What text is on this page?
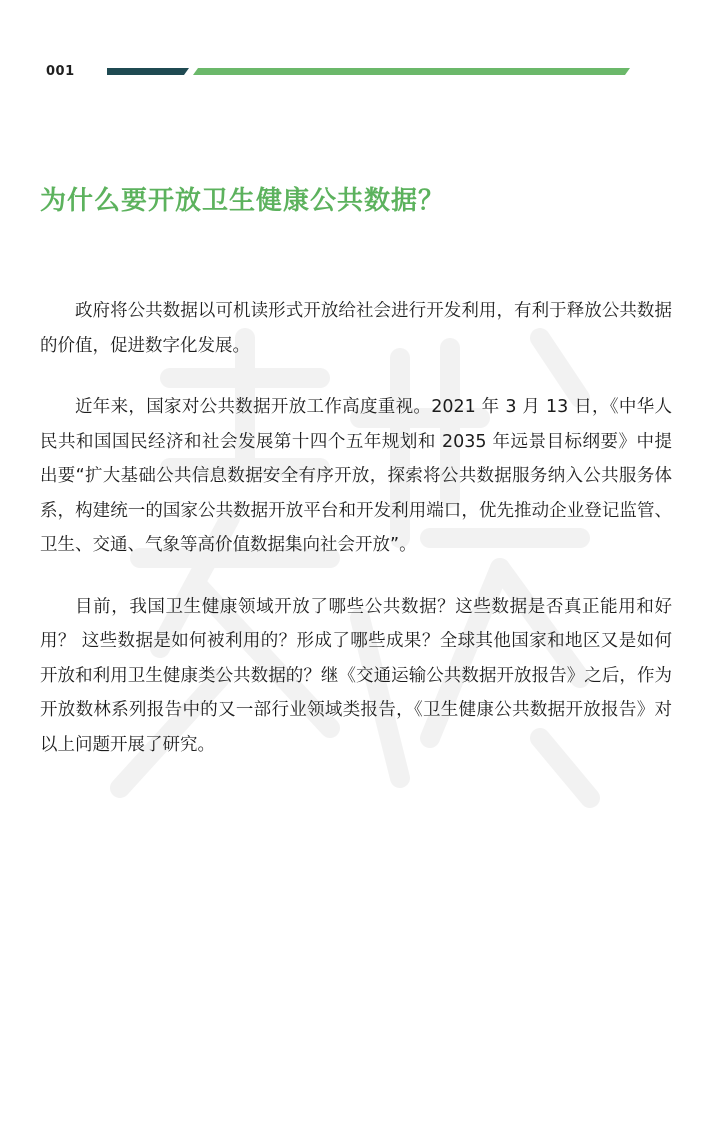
001
为什么要开放卫生健康公共数据？

政府将公共数据以可机读形式开放给社会进行开发利用，有利于释放公共数据的价值，促进数字化发展。

近年来，国家对公共数据开放工作高度重视。2021 年 3 月 13 日，《中华人民共和国国民经济和社会发展第十四个五年规划和 2035 年远景目标纲要》中提出要“扩大基础公共信息数据安全有序开放，探索将公共数据服务纳入公共服务体系，构建统一的国家公共数据开放平台和开发利用端口，优先推动企业登记监管、卫生、交通、气象等高价值数据集向社会开放”。

目前，我国卫生健康领域开放了哪些公共数据？这些数据是否真正能用和好用？ 这些数据是如何被利用的？形成了哪些成果？全球其他国家和地区又是如何开放和利用卫生健康类公共数据的？继《交通运输公共数据开放报告》之后，作为开放数林系列报告中的又一部行业领域类报告，《卫生健康公共数据开放报告》对以上问题开展了研究。
